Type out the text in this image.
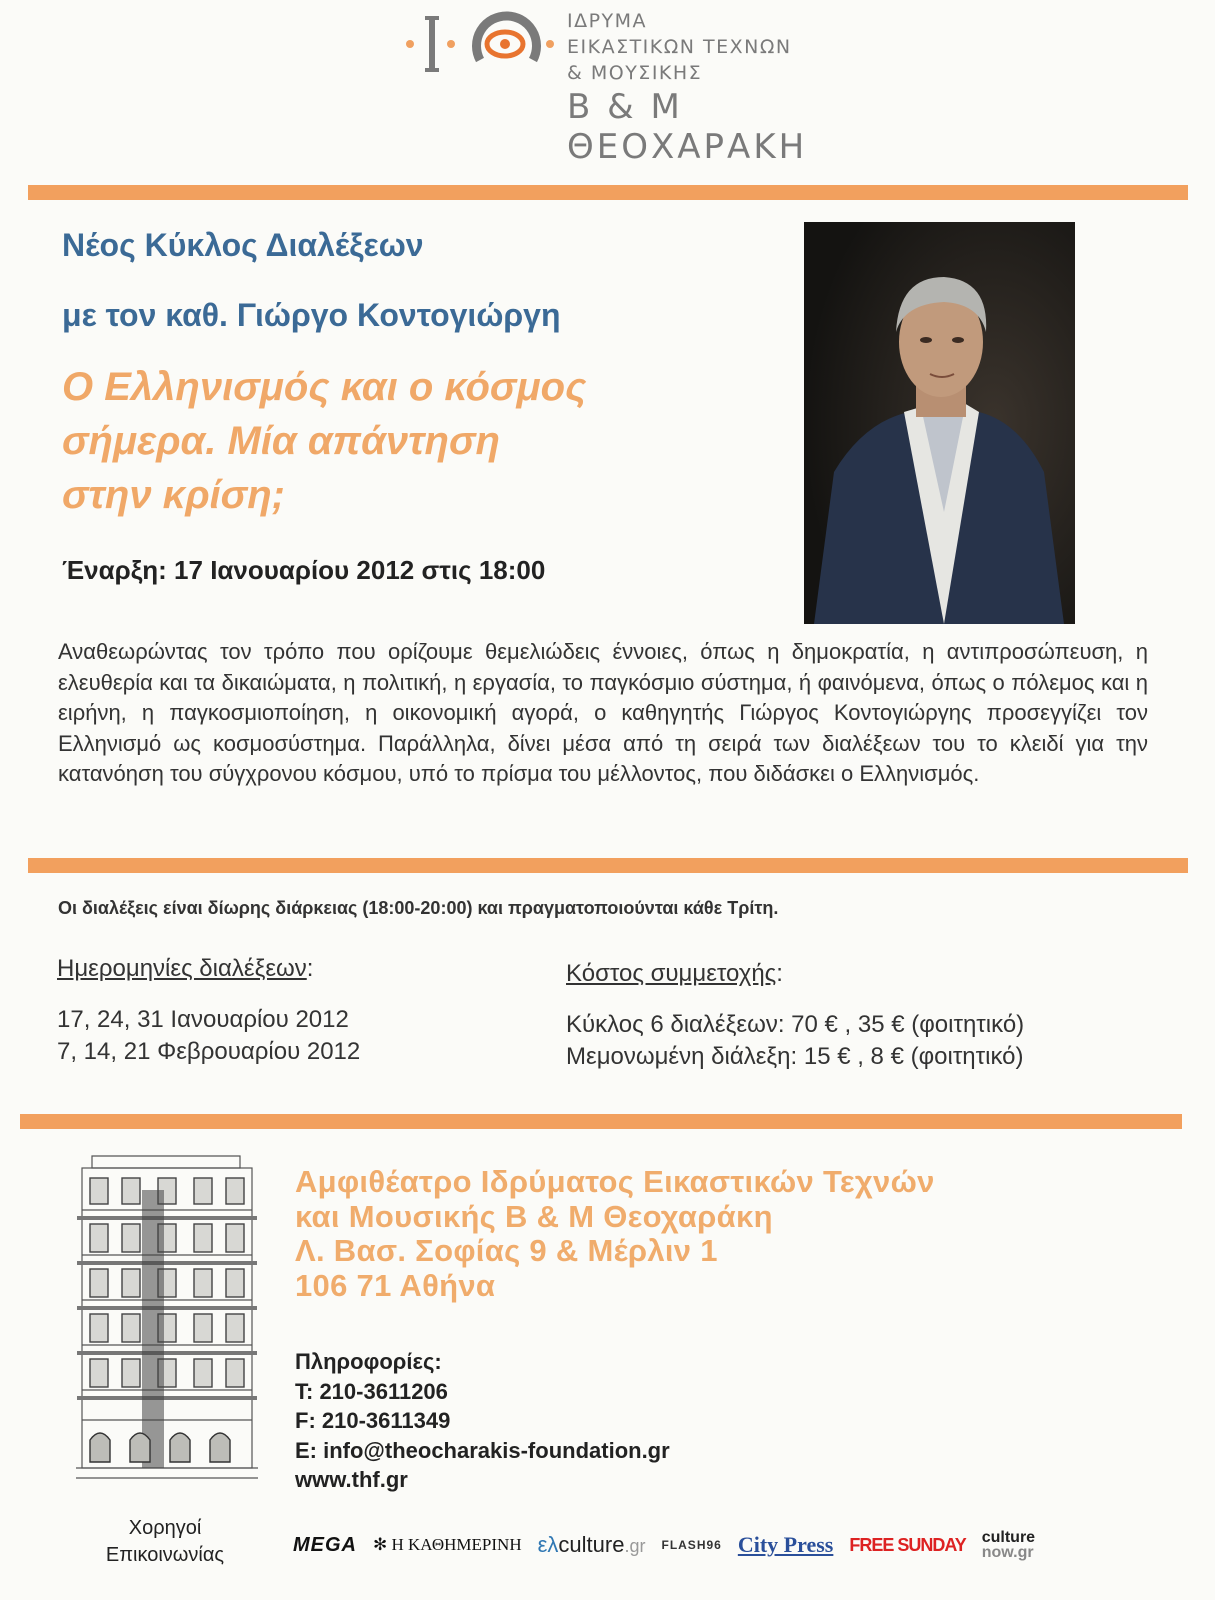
ΙΔΡΥΜΑ
ΕΙΚΑΣΤΙΚΩΝ ΤΕΧΝΩΝ
& ΜΟΥΣΙΚΗΣ
Β & Μ
ΘΕΟΧΑΡΑΚΗ
Νέος Κύκλος Διαλέξεων
με τον καθ. Γιώργο Κοντογιώργη
Ο Ελληνισμός και ο κόσμος
σήμερα. Μία απάντηση
στην κρίση;
Έναρξη: 17 Ιανουαρίου 2012 στις 18:00
Αναθεωρώντας τον τρόπο που ορίζουμε θεμελιώδεις έννοιες, όπως η δημοκρατία, η αντιπροσώπευση, η ελευθερία και τα δικαιώματα, η πολιτική, η εργασία, το παγκόσμιο σύστημα, ή φαινόμενα, όπως ο πόλεμος και η ειρήνη, η παγκοσμιοποίηση, η οικονομική αγορά, ο καθηγητής Γιώργος Κοντογιώργης προσεγγίζει τον Ελληνισμό ως κοσμοσύστημα. Παράλληλα, δίνει μέσα από τη σειρά των διαλέξεων του το κλειδί για την κατανόηση του σύγχρονου κόσμου, υπό το πρίσμα του μέλλοντος, που διδάσκει ο Ελληνισμός.
Οι διαλέξεις είναι δίωρης διάρκειας (18:00-20:00) και πραγματοποιούνται κάθε Τρίτη.
Ημερομηνίες διαλέξεων:
17, 24, 31 Ιανουαρίου 2012
7, 14, 21 Φεβρουαρίου 2012
Κόστος συμμετοχής:
Κύκλος 6 διαλέξεων: 70 € , 35 € (φοιτητικό)
Μεμονωμένη διάλεξη: 15 € , 8 € (φοιτητικό)
Αμφιθέατρο Ιδρύματος Εικαστικών Τεχνών
και Μουσικής Β & Μ Θεοχαράκη
Λ. Βασ. Σοφίας 9 & Μέρλιν 1
106 71 Αθήνα
Πληροφορίες:
T: 210-3611206
F: 210-3611349
E: info@theocharakis-foundation.gr
www.thf.gr
Χορηγοί
Επικοινωνίας	MEGA ✻ Η ΚΑΘΗΜΕΡΙΝΗ ελculture.gr FLASH96 City Press FREE SUNDAY culture
now.gr
